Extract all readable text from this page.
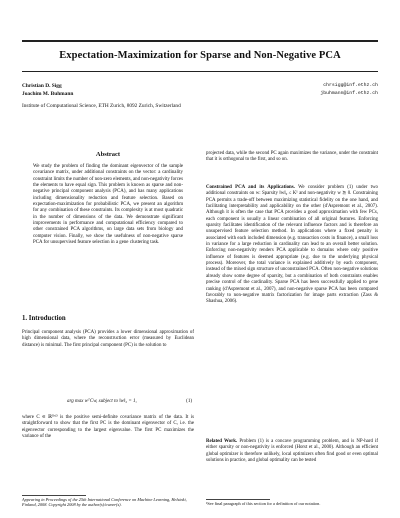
Expectation-Maximization for Sparse and Non-Negative PCA
Christian D. Sigg	chrsigg@inf.ethz.ch
Joachim M. Buhmann	jbuhmann@inf.ethz.ch
Institute of Computational Science, ETH Zurich, 8092 Zurich, Switzerland
Abstract

We study the problem of finding the dominant eigenvector of the sample covariance matrix, under additional constraints on the vector: a cardinality constraint limits the number of non-zero elements, and non-negativity forces the elements to have equal sign. This problem is known as sparse and non-negative principal component analysis (PCA), and has many applications including dimensionality reduction and feature selection. Based on expectation-maximization for probabilistic PCA, we present an algorithm for any combination of these constraints. Its complexity is at most quadratic in the number of dimensions of the data. We demonstrate significant improvements in performance and computational efficiency compared to other constrained PCA algorithms, on large data sets from biology and computer vision. Finally, we show the usefulness of non-negative sparse PCA for unsupervised feature selection in a gene clustering task.

1. Introduction

Principal component analysis (PCA) provides a lower dimensional approximation of high dimensional data, where the reconstruction error (measured by Euclidean distance) is minimal. The first principal component (PC) is the solution to

arg max wᵀCw, subject to ‖w‖₂ = 1,	(1)

where C ∈ ℝᴰˣᴰ is the positive semi-definite covariance matrix of the data. It is straightforward to show that the first PC is the dominant eigenvector of C, i.e. the eigenvector corresponding to the largest eigenvalue. The first PC maximizes the variance of the

Appearing in Proceedings of the 25th International Conference on Machine Learning, Helsinki, Finland, 2008. Copyright 2008 by the author(s)/owner(s).

projected data, while the second PC again maximizes the variance, under the constraint that it is orthogonal to the first, and so on.

Constrained PCA and its Applications. We consider problem (1) under two additional constraints on w: Sparsity ‖w‖₀ ≤ K¹ and non-negativity w ⪰ 0. Constraining PCA permits a trade-off between maximizing statistical fidelity on the one hand, and facilitating interpretability and applicability on the other (d'Aspremont et al., 2007). Although it is often the case that PCA provides a good approximation with few PCs, each component is usually a linear combination of all original features. Enforcing sparsity facilitates identification of the relevant influence factors and is therefore an unsupervised feature selection method. In applications where a fixed penalty is associated with each included dimension (e.g. transaction costs in finance), a small loss in variance for a large reduction in cardinality can lead to an overall better solution. Enforcing non-negativity renders PCA applicable to domains where only positive influence of features is deemed appropriate (e.g. due to the underlying physical process). Moreover, the total variance is explained additively by each component, instead of the mixed sign structure of unconstrained PCA. Often non-negative solutions already show some degree of sparsity, but a combination of both constraints enables precise control of the cardinality. Sparse PCA has been successfully applied to gene ranking (d'Aspremont et al., 2007), and non-negative sparse PCA has been compared favorably to non-negative matrix factorization for image parts extraction (Zass & Shashua, 2006).

Related Work. Problem (1) is a concave programming problem, and is NP-hard if either sparsity or non-negativity is enforced (Horst et al., 2000). Although an efficient global optimizer is therefore unlikely, local optimizers often find good or even optimal solutions in practice, and global optimality can be tested

¹See final paragraph of this section for a definition of our notation.
